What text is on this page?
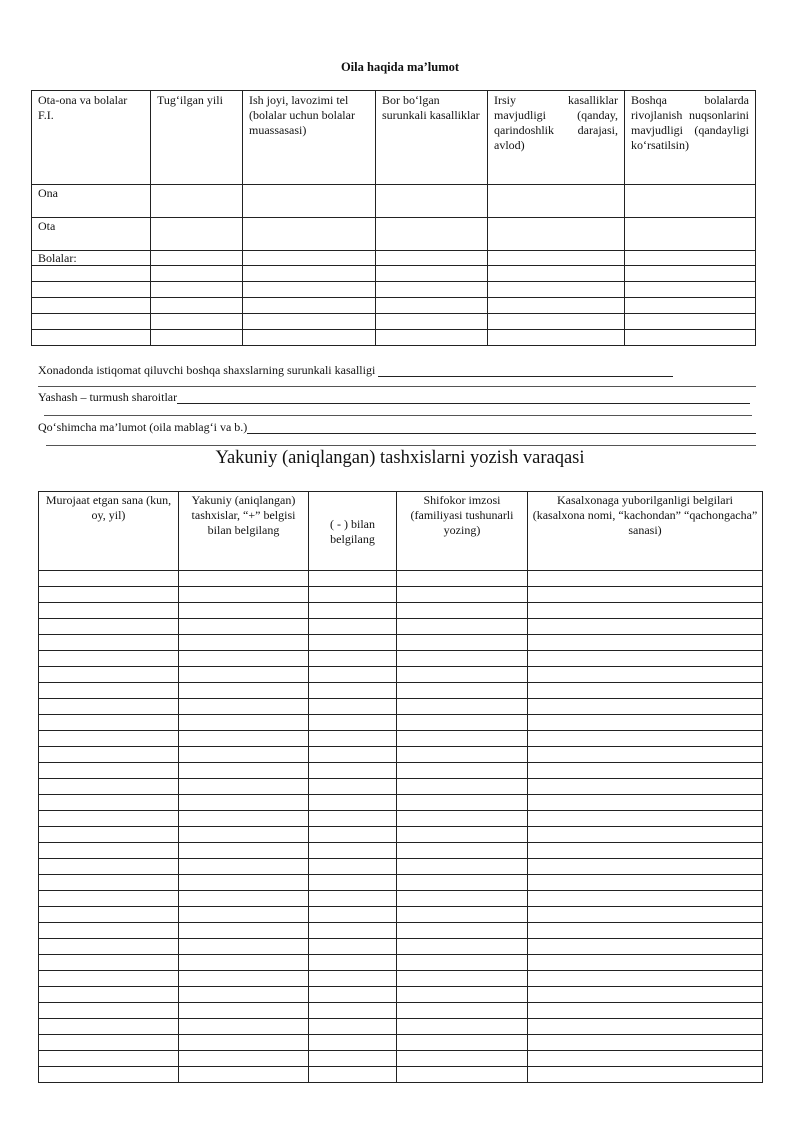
Oila haqida ma’lumot
Ota-ona va bolalar F.I.	Tug‘ilgan yili	Ish joyi, lavozimi tel (bolalar uchun bolalar muassasasi)	Bor bo‘lgan surunkali kasalliklar	Irsiy kasalliklar mavjudligi (qanday, qarindoshlik darajasi, avlod)	Boshqa bolalarda rivojlanish nuqsonlarini mavjudligi (qandayligi ko‘rsatilsin)
Ona					
Ota					
Bolalar:					

Xonadonda istiqomat qiluvchi boshqa shaxslarning surunkali kasalligi
Yashash – turmush sharoitlar
Qo‘shimcha ma’lumot (oila mablag‘i va b.)
Yakuniy (aniqlangan) tashxislarni yozish varaqasi
Murojaat etgan sana (kun, oy, yil)	Yakuniy (aniqlangan) tashxislar, “+” belgisi bilan belgilang	( - ) bilan belgilang	Shifokor imzosi (familiyasi tushunarli yozing)	Kasalxonaga yuborilganligi belgilari (kasalxona nomi, “kachondan” “qachongacha” sanasi)
